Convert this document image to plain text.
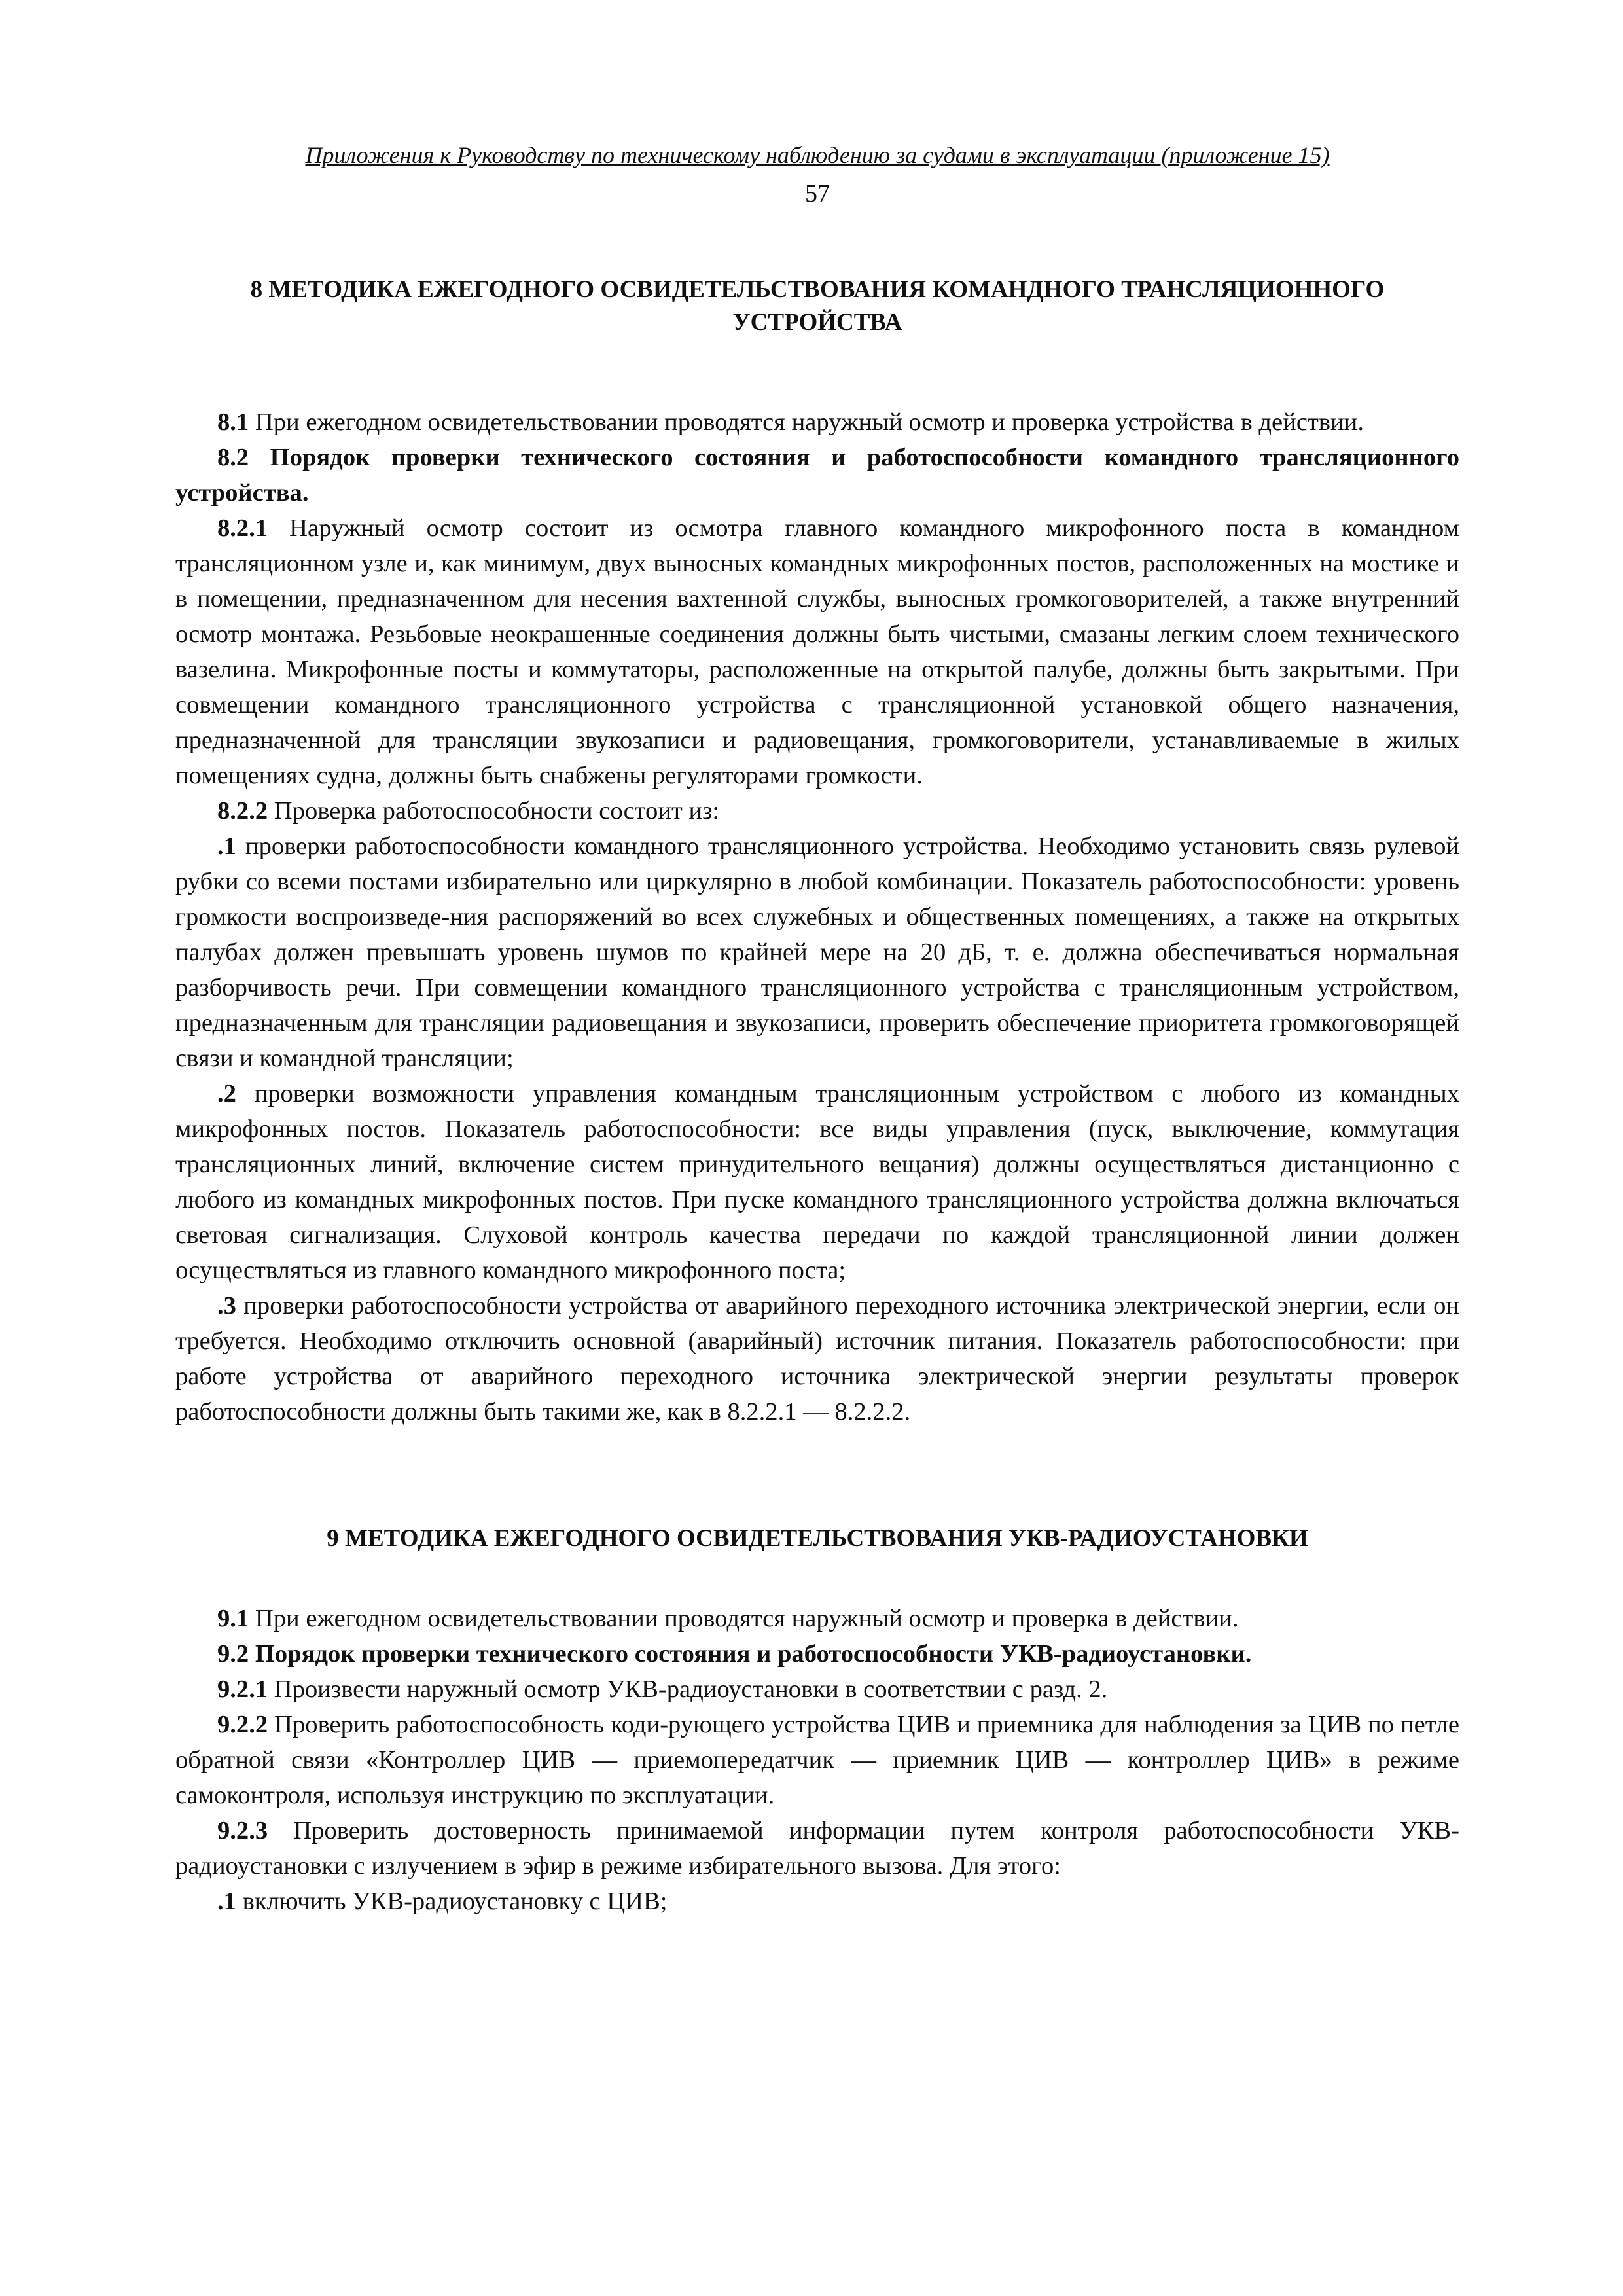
Приложения к Руководству по техническому наблюдению за судами в эксплуатации (приложение 15)
57
8 МЕТОДИКА ЕЖЕГОДНОГО ОСВИДЕТЕЛЬСТВОВАНИЯ КОМАНДНОГО ТРАНСЛЯЦИОННОГО УСТРОЙСТВА

8.1 При ежегодном освидетельствовании проводятся наружный осмотр и проверка устройства в действии.

8.2 Порядок проверки технического состояния и работоспособности командного трансляционного устройства.

8.2.1 Наружный осмотр состоит из осмотра главного командного микрофонного поста в командном трансляционном узле и, как минимум, двух выносных командных микрофонных постов, расположенных на мостике и в помещении, предназначенном для несения вахтенной службы, выносных громкоговорителей, а также внутренний осмотр монтажа. Резьбовые неокрашенные соединения должны быть чистыми, смазаны легким слоем технического вазелина. Микрофонные посты и коммутаторы, расположенные на открытой палубе, должны быть закрытыми. При совмещении командного трансляционного устройства с трансляционной установкой общего назначения, предназначенной для трансляции звукозаписи и радиовещания, громкоговорители, устанавливаемые в жилых помещениях судна, должны быть снабжены регуляторами громкости.

8.2.2 Проверка работоспособности состоит из:

.1 проверки работоспособности командного трансляционного устройства. Необходимо установить связь рулевой рубки со всеми постами избирательно или циркулярно в любой комбинации. Показатель работоспособности: уровень громкости воспроизведе-ния распоряжений во всех служебных и общественных помещениях, а также на открытых палубах должен превышать уровень шумов по крайней мере на 20 дБ, т. е. должна обеспечиваться нормальная разборчивость речи. При совмещении командного трансляционного устройства с трансляционным устройством, предназначенным для трансляции радиовещания и звукозаписи, проверить обеспечение приоритета громкоговорящей связи и командной трансляции;

.2 проверки возможности управления командным трансляционным устройством с любого из командных микрофонных постов. Показатель работоспособности: все виды управления (пуск, выключение, коммутация трансляционных линий, включение систем принудительного вещания) должны осуществляться дистанционно с любого из командных микрофонных постов. При пуске командного трансляционного устройства должна включаться световая сигнализация. Слуховой контроль качества передачи по каждой трансляционной линии должен осуществляться из главного командного микрофонного поста;

.3 проверки работоспособности устройства от аварийного переходного источника электрической энергии, если он требуется. Необходимо отключить основной (аварийный) источник питания. Показатель работоспособности: при работе устройства от аварийного переходного источника электрической энергии результаты проверок работоспособности должны быть такими же, как в 8.2.2.1 — 8.2.2.2.

9 МЕТОДИКА ЕЖЕГОДНОГО ОСВИДЕТЕЛЬСТВОВАНИЯ УКВ-РАДИОУСТАНОВКИ

9.1 При ежегодном освидетельствовании проводятся наружный осмотр и проверка в действии.

9.2 Порядок проверки технического состояния и работоспособности УКВ-радиоустановки.

9.2.1 Произвести наружный осмотр УКВ-радиоустановки в соответствии с разд. 2.

9.2.2 Проверить работоспособность коди-рующего устройства ЦИВ и приемника для наблюдения за ЦИВ по петле обратной связи «Контроллер ЦИВ — приемопередатчик — приемник ЦИВ — контроллер ЦИВ» в режиме самоконтроля, используя инструкцию по эксплуатации.

9.2.3 Проверить достоверность принимаемой информации путем контроля работоспособности УКВ-радиоустановки с излучением в эфир в режиме избирательного вызова. Для этого:

.1 включить УКВ-радиоустановку с ЦИВ;
